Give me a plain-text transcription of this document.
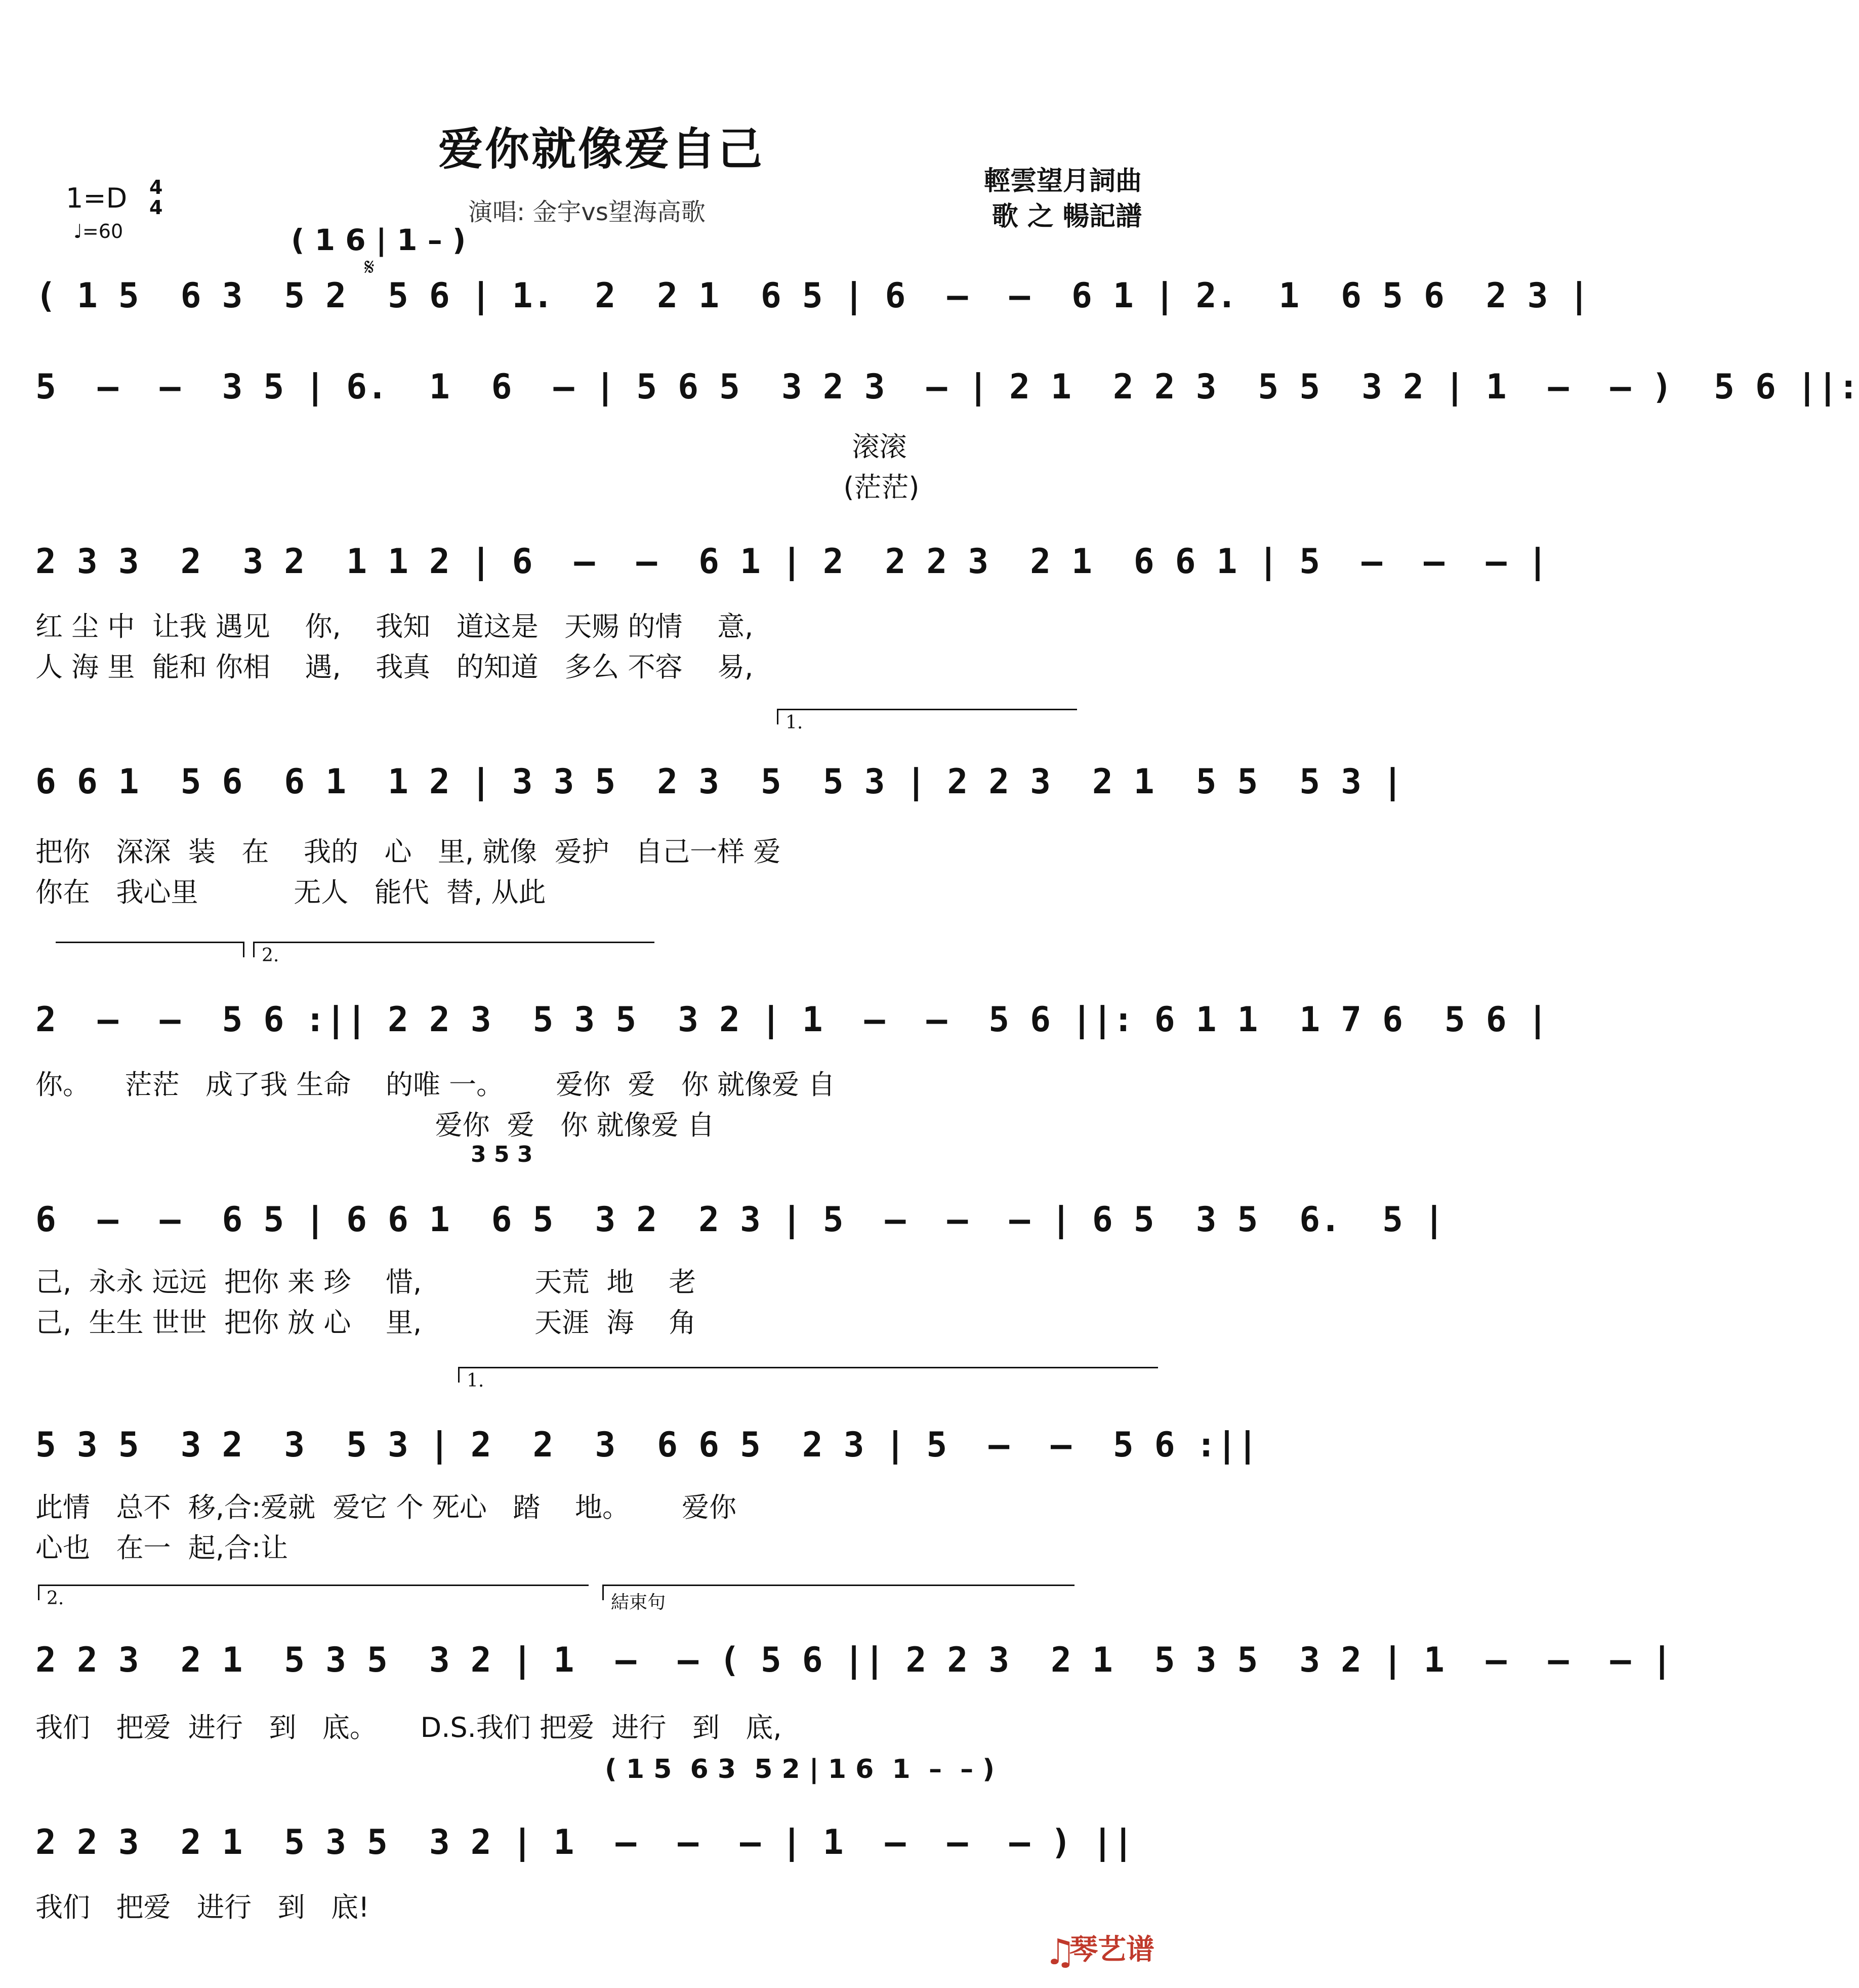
爱你就像爱自己
輕雲望月詞曲
歌 之 暢記譜
1=D 4
4
♩=60
演唱: 金宇vs望海高歌
( 1 6 | 1 – )
𝄋
( 1 5  6 3  5 2  5 6 | 1.  2  2 1  6 5 | 6  –  –  6 1 | 2.  1  6 5 6  2 3 |
5  –  –  3 5 | 6.  1  6  – | 5 6 5  3 2 3  – | 2 1  2 2 3  5 5  3 2 | 1  –  – )  5 6 ||:
滚滚
(茫茫)
2 3 3  2  3 2  1 1 2 | 6  –  –  6 1 | 2  2 2 3  2 1  6 6 1 | 5  –  –  – |
红 尘 中  让我 遇见    你,    我知   道这是   天赐 的情    意,
人 海 里  能和 你相    遇,    我真   的知道   多么 不容    易,
1.
6 6 1  5 6  6 1  1 2 | 3 3 5  2 3  5  5 3 | 2 2 3  2 1  5 5  5 3 |
把你   深深  装   在    我的   心   里, 就像  爱护   自己一样 爱
你在   我心里           无人   能代  替, 从此
2.
2  –  –  5 6 :|| 2 2 3  5 3 5  3 2 | 1  –  –  5 6 ||: 6 1 1  1 7 6  5 6 |
你。    茫茫   成了我 生命    的唯 一。      爱你  爱   你 就像爱 自
爱你  爱   你 就像爱 自
3 5 3
6  –  –  6 5 | 6 6 1  6 5  3 2  2 3 | 5  –  –  – | 6 5  3 5  6.  5 |
己,  永永 远远  把你 来 珍    惜,             天荒  地    老
己,  生生 世世  把你 放 心    里,             天涯  海    角
1.
5 3 5  3 2  3  5 3 | 2  2  3  6 6 5  2 3 | 5  –  –  5 6 :||
此情   总不  移,合:爱就  爱它 个 死心   踏    地。      爱你
心也   在一  起,合:让
2.	結束句
2 2 3  2 1  5 3 5  3 2 | 1  –  – ( 5 6 || 2 2 3  2 1  5 3 5  3 2 | 1  –  –  – |
我们   把爱  进行   到   底。     D.S.我们 把爱  进行   到   底,
( 1 5  6 3  5 2 | 1 6  1  –  – )
2 2 3  2 1  5 3 5  3 2 | 1  –  –  – | 1  –  –  – ) ||
我们   把爱   进行   到   底!
♫
琴艺谱
